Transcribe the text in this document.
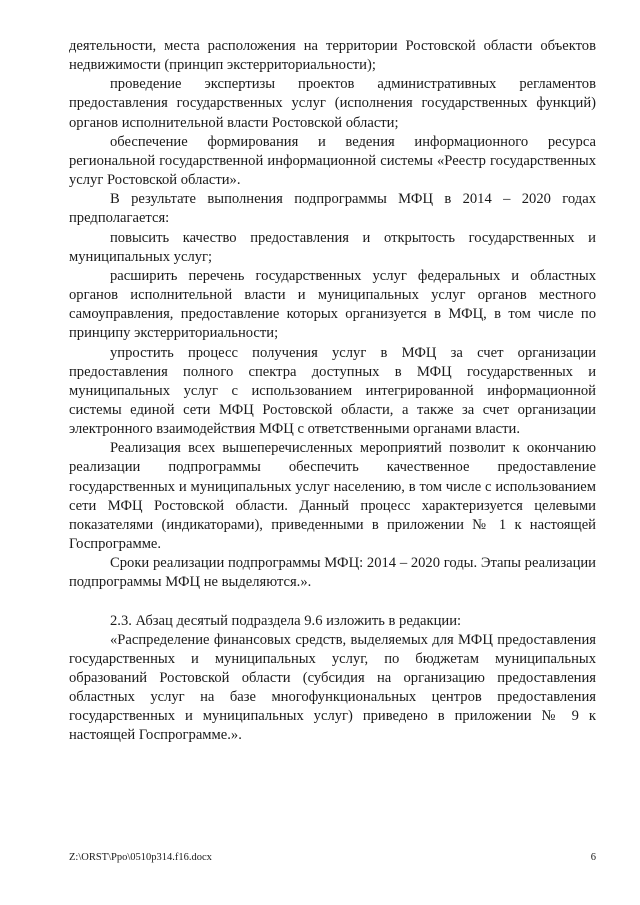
деятельности, места расположения на территории Ростовской области объектов недвижимости (принцип экстерриториальности);

проведение экспертизы проектов административных регламентов предоставления государственных услуг (исполнения государственных функций) органов исполнительной власти Ростовской области;

обеспечение формирования и ведения информационного ресурса региональной государственной информационной системы «Реестр государственных услуг Ростовской области».

В результате выполнения подпрограммы МФЦ в 2014 – 2020 годах предполагается:

повысить качество предоставления и открытость государственных и муниципальных услуг;

расширить перечень государственных услуг федеральных и областных органов исполнительной власти и муниципальных услуг органов местного самоуправления, предоставление которых организуется в МФЦ, в том числе по принципу экстерриториальности;

упростить процесс получения услуг в МФЦ за счет организации предоставления полного спектра доступных в МФЦ государственных и муниципальных услуг с использованием интегрированной информационной системы единой сети МФЦ Ростовской области, а также за счет организации электронного взаимодействия МФЦ с ответственными органами власти.

Реализация всех вышеперечисленных мероприятий позволит к окончанию реализации подпрограммы обеспечить качественное предоставление государственных и муниципальных услуг населению, в том числе с использованием сети МФЦ Ростовской области. Данный процесс характеризуется целевыми показателями (индикаторами), приведенными в приложении № 1 к настоящей Госпрограмме.

Сроки реализации подпрограммы МФЦ: 2014 – 2020 годы. Этапы реализации подпрограммы МФЦ не выделяются.».

2.3. Абзац десятый подраздела 9.6 изложить в редакции:

«Распределение финансовых средств, выделяемых для МФЦ предоставления государственных и муниципальных услуг, по бюджетам муниципальных образований Ростовской области (субсидия на организацию предоставления областных услуг на базе многофункциональных центров предоставления государственных и муниципальных услуг) приведено в приложении № 9 к настоящей Госпрограмме.».

Z:\ORST\Ppo\0510p314.f16.docx	6
